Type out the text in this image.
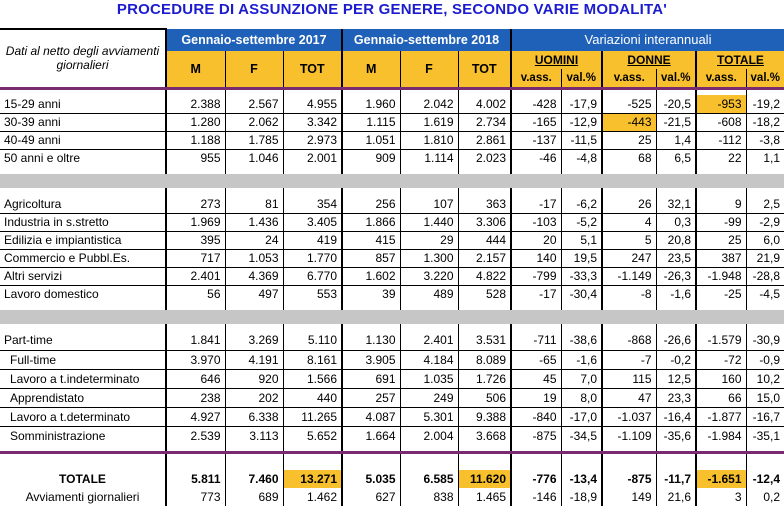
PROCEDURE DI ASSUNZIONE PER GENERE, SECONDO VARIE MODALITA'
Dati al netto degli avviamenti giornalieri	Gennaio-settembre 2017			Gennaio-settembre 2018			Variazioni interannuali					
	M	F	TOT	M	F	TOT	UOMINI		DONNE		TOTALE	
							v.ass.	val.%	v.ass.	val.%	v.ass.	val.%

15-29 anni	2.388	2.567	4.955	1.960	2.042	4.002	-428	-17,9	-525	-20,5	-953	-19,2
30-39 anni	1.280	2.062	3.342	1.115	1.619	2.734	-165	-12,9	-443	-21,5	-608	-18,2
40-49 anni	1.188	1.785	2.973	1.051	1.810	2.861	-137	-11,5	25	1,4	-112	-3,8
50 anni e oltre	955	1.046	2.001	909	1.114	2.023	-46	-4,8	68	6,5	22	1,1

Agricoltura	273	81	354	256	107	363	-17	-6,2	26	32,1	9	2,5
Industria in s.stretto	1.969	1.436	3.405	1.866	1.440	3.306	-103	-5,2	4	0,3	-99	-2,9
Edilizia e impiantistica	395	24	419	415	29	444	20	5,1	5	20,8	25	6,0
Commercio e Pubbl.Es.	717	1.053	1.770	857	1.300	2.157	140	19,5	247	23,5	387	21,9
Altri servizi	2.401	4.369	6.770	1.602	3.220	4.822	-799	-33,3	-1.149	-26,3	-1.948	-28,8
Lavoro domestico	56	497	553	39	489	528	-17	-30,4	-8	-1,6	-25	-4,5

Part-time	1.841	3.269	5.110	1.130	2.401	3.531	-711	-38,6	-868	-26,6	-1.579	-30,9
Full-time	3.970	4.191	8.161	3.905	4.184	8.089	-65	-1,6	-7	-0,2	-72	-0,9
Lavoro a t.indeterminato	646	920	1.566	691	1.035	1.726	45	7,0	115	12,5	160	10,2
Apprendistato	238	202	440	257	249	506	19	8,0	47	23,3	66	15,0
Lavoro a t.determinato	4.927	6.338	11.265	4.087	5.301	9.388	-840	-17,0	-1.037	-16,4	-1.877	-16,7
Somministrazione	2.539	3.113	5.652	1.664	2.004	3.668	-875	-34,5	-1.109	-35,6	-1.984	-35,1

TOTALE	5.811	7.460	13.271	5.035	6.585	11.620	-776	-13,4	-875	-11,7	-1.651	-12,4
Avviamenti giornalieri	773	689	1.462	627	838	1.465	-146	-18,9	149	21,6	3	0,2
